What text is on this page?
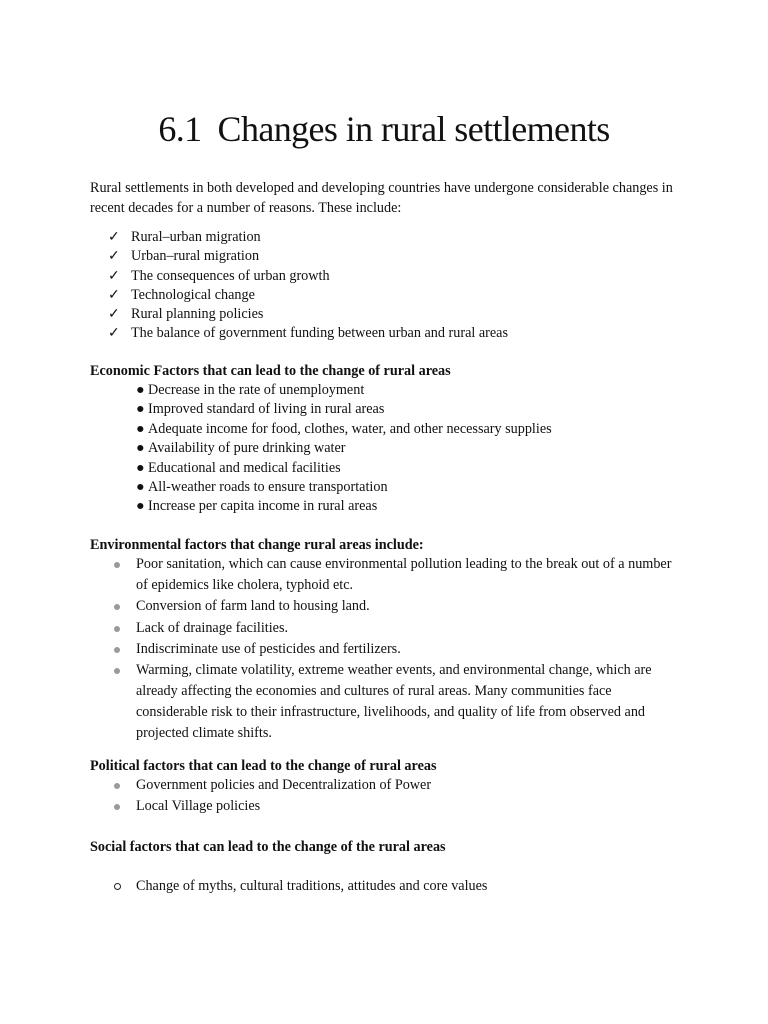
6.1 Changes in rural settlements
Rural settlements in both developed and developing countries have undergone considerable changes in recent decades for a number of reasons. These include:
✓ Rural–urban migration
✓ Urban–rural migration
✓ The consequences of urban growth
✓ Technological change
✓ Rural planning policies
✓ The balance of government funding between urban and rural areas
Economic Factors that can lead to the change of rural areas
● Decrease in the rate of unemployment
● Improved standard of living in rural areas
● Adequate income for food, clothes, water, and other necessary supplies
● Availability of pure drinking water
● Educational and medical facilities
● All-weather roads to ensure transportation
● Increase per capita income in rural areas
Environmental factors that change rural areas include:
Poor sanitation, which can cause environmental pollution leading to the break out of a number of epidemics like cholera, typhoid etc.
Conversion of farm land to housing land.
Lack of drainage facilities.
Indiscriminate use of pesticides and fertilizers.
Warming, climate volatility, extreme weather events, and environmental change, which are already affecting the economies and cultures of rural areas. Many communities face considerable risk to their infrastructure, livelihoods, and quality of life from observed and projected climate shifts.
Political factors that can lead to the change of rural areas
Government policies and Decentralization of Power
Local Village policies
Social factors that can lead to the change of the rural areas
Change of myths, cultural traditions, attitudes and core values
